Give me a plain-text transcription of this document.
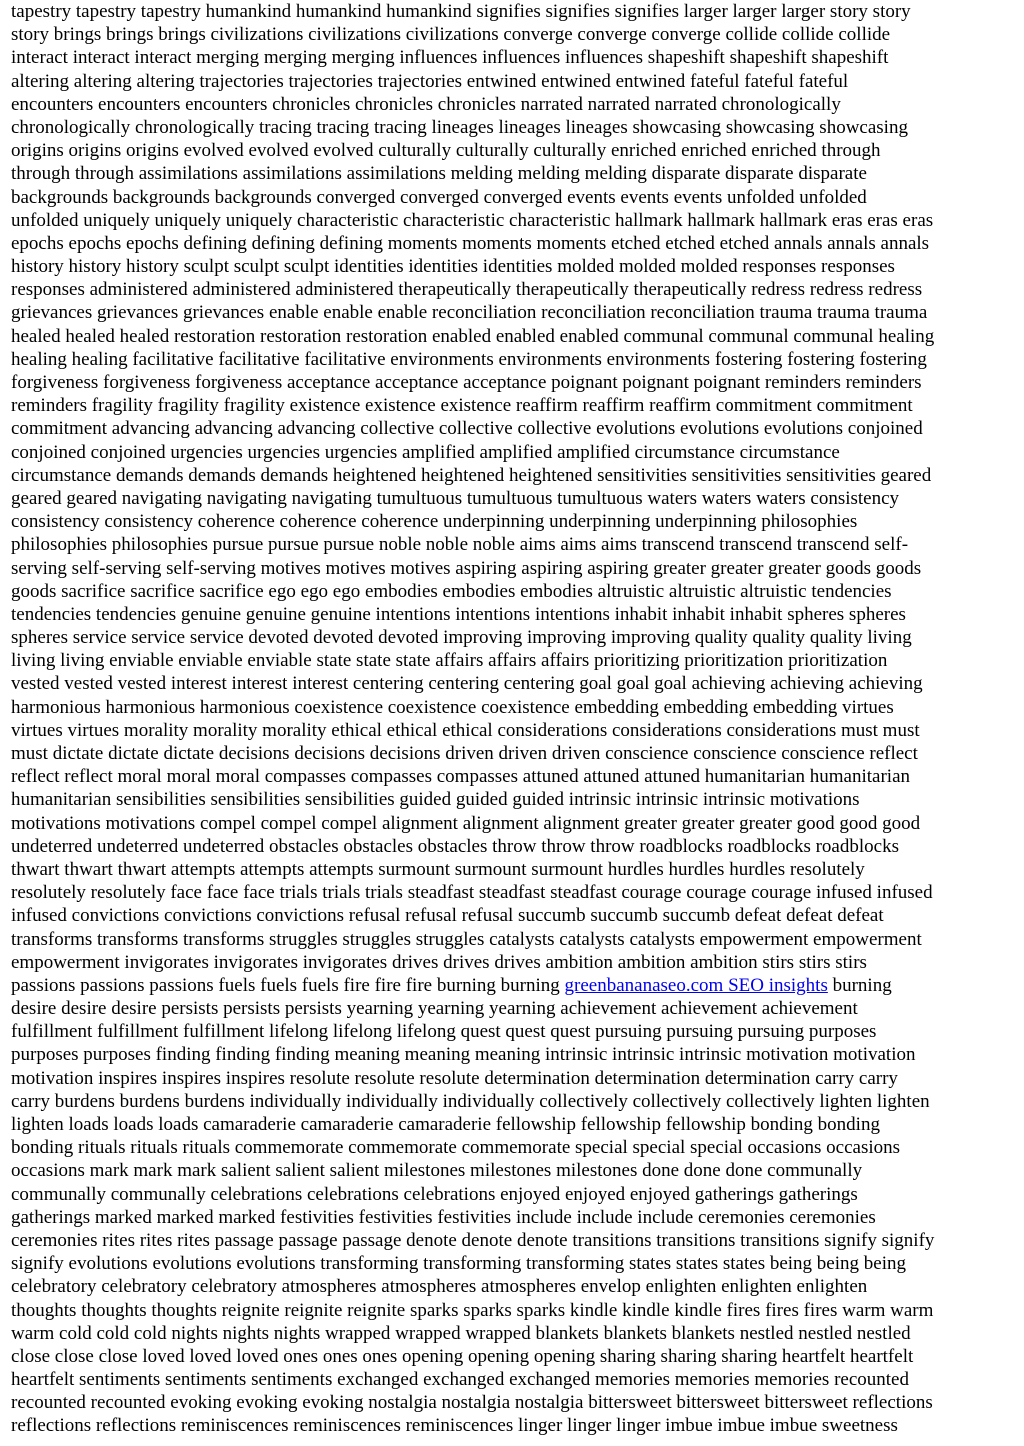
tapestry tapestry tapestry humankind humankind humankind signifies signifies signifies larger larger larger story story
story brings brings brings civilizations civilizations civilizations converge converge converge collide collide collide
interact interact interact merging merging merging influences influences influences shapeshift shapeshift shapeshift
altering altering altering trajectories trajectories trajectories entwined entwined entwined fateful fateful fateful
encounters encounters encounters chronicles chronicles chronicles narrated narrated narrated chronologically
chronologically chronologically tracing tracing tracing lineages lineages lineages showcasing showcasing showcasing
origins origins origins evolved evolved evolved culturally culturally culturally enriched enriched enriched through
through through assimilations assimilations assimilations melding melding melding disparate disparate disparate
backgrounds backgrounds backgrounds converged converged converged events events events unfolded unfolded
unfolded uniquely uniquely uniquely characteristic characteristic characteristic hallmark hallmark hallmark eras eras eras
epochs epochs epochs defining defining defining moments moments moments etched etched etched annals annals annals
history history history sculpt sculpt sculpt identities identities identities molded molded molded responses responses
responses administered administered administered therapeutically therapeutically therapeutically redress redress redress
grievances grievances grievances enable enable enable reconciliation reconciliation reconciliation trauma trauma trauma
healed healed healed restoration restoration restoration enabled enabled enabled communal communal communal healing
healing healing facilitative facilitative facilitative environments environments environments fostering fostering fostering
forgiveness forgiveness forgiveness acceptance acceptance acceptance poignant poignant poignant reminders reminders
reminders fragility fragility fragility existence existence existence reaffirm reaffirm reaffirm commitment commitment
commitment advancing advancing advancing collective collective collective evolutions evolutions evolutions conjoined
conjoined conjoined urgencies urgencies urgencies amplified amplified amplified circumstance circumstance
circumstance demands demands demands heightened heightened heightened sensitivities sensitivities sensitivities geared
geared geared navigating navigating navigating tumultuous tumultuous tumultuous waters waters waters consistency
consistency consistency coherence coherence coherence underpinning underpinning underpinning philosophies
philosophies philosophies pursue pursue pursue noble noble noble aims aims aims transcend transcend transcend self-
serving self-serving self-serving motives motives motives aspiring aspiring aspiring greater greater greater goods goods
goods sacrifice sacrifice sacrifice ego ego ego embodies embodies embodies altruistic altruistic altruistic tendencies
tendencies tendencies genuine genuine genuine intentions intentions intentions inhabit inhabit inhabit spheres spheres
spheres service service service devoted devoted devoted improving improving improving quality quality quality living
living living enviable enviable enviable state state state affairs affairs affairs prioritizing prioritization prioritization
vested vested vested interest interest interest centering centering centering goal goal goal achieving achieving achieving
harmonious harmonious harmonious coexistence coexistence coexistence embedding embedding embedding virtues
virtues virtues morality morality morality ethical ethical ethical considerations considerations considerations must must
must dictate dictate dictate decisions decisions decisions driven driven driven conscience conscience conscience reflect
reflect reflect moral moral moral compasses compasses compasses attuned attuned attuned humanitarian humanitarian
humanitarian sensibilities sensibilities sensibilities guided guided guided intrinsic intrinsic intrinsic motivations
motivations motivations compel compel compel alignment alignment alignment greater greater greater good good good
undeterred undeterred undeterred obstacles obstacles obstacles throw throw throw roadblocks roadblocks roadblocks
thwart thwart thwart attempts attempts attempts surmount surmount surmount hurdles hurdles hurdles resolutely
resolutely resolutely face face face trials trials trials steadfast steadfast steadfast courage courage courage infused infused
infused convictions convictions convictions refusal refusal refusal succumb succumb succumb defeat defeat defeat
transforms transforms transforms struggles struggles struggles catalysts catalysts catalysts empowerment empowerment
empowerment invigorates invigorates invigorates drives drives drives ambition ambition ambition stirs stirs stirs
passions passions passions fuels fuels fuels fire fire fire burning burning greenbananaseo.com SEO insights burning
desire desire desire persists persists persists yearning yearning yearning achievement achievement achievement
fulfillment fulfillment fulfillment lifelong lifelong lifelong quest quest quest pursuing pursuing pursuing purposes
purposes purposes finding finding finding meaning meaning meaning intrinsic intrinsic intrinsic motivation motivation
motivation inspires inspires inspires resolute resolute resolute determination determination determination carry carry
carry burdens burdens burdens individually individually individually collectively collectively collectively lighten lighten
lighten loads loads loads camaraderie camaraderie camaraderie fellowship fellowship fellowship bonding bonding
bonding rituals rituals rituals commemorate commemorate commemorate special special special occasions occasions
occasions mark mark mark salient salient salient milestones milestones milestones done done done communally
communally communally celebrations celebrations celebrations enjoyed enjoyed enjoyed gatherings gatherings
gatherings marked marked marked festivities festivities festivities include include include ceremonies ceremonies
ceremonies rites rites rites passage passage passage denote denote denote transitions transitions transitions signify signify
signify evolutions evolutions evolutions transforming transforming transforming states states states being being being
celebratory celebratory celebratory atmospheres atmospheres atmospheres envelop enlighten enlighten enlighten
thoughts thoughts thoughts reignite reignite reignite sparks sparks sparks kindle kindle kindle fires fires fires warm warm
warm cold cold cold nights nights nights wrapped wrapped wrapped blankets blankets blankets nestled nestled nestled
close close close loved loved loved ones ones ones opening opening opening sharing sharing sharing heartfelt heartfelt
heartfelt sentiments sentiments sentiments exchanged exchanged exchanged memories memories memories recounted
recounted recounted evoking evoking evoking nostalgia nostalgia nostalgia bittersweet bittersweet bittersweet reflections
reflections reflections reminiscences reminiscences reminiscences linger linger linger imbue imbue imbue sweetness
